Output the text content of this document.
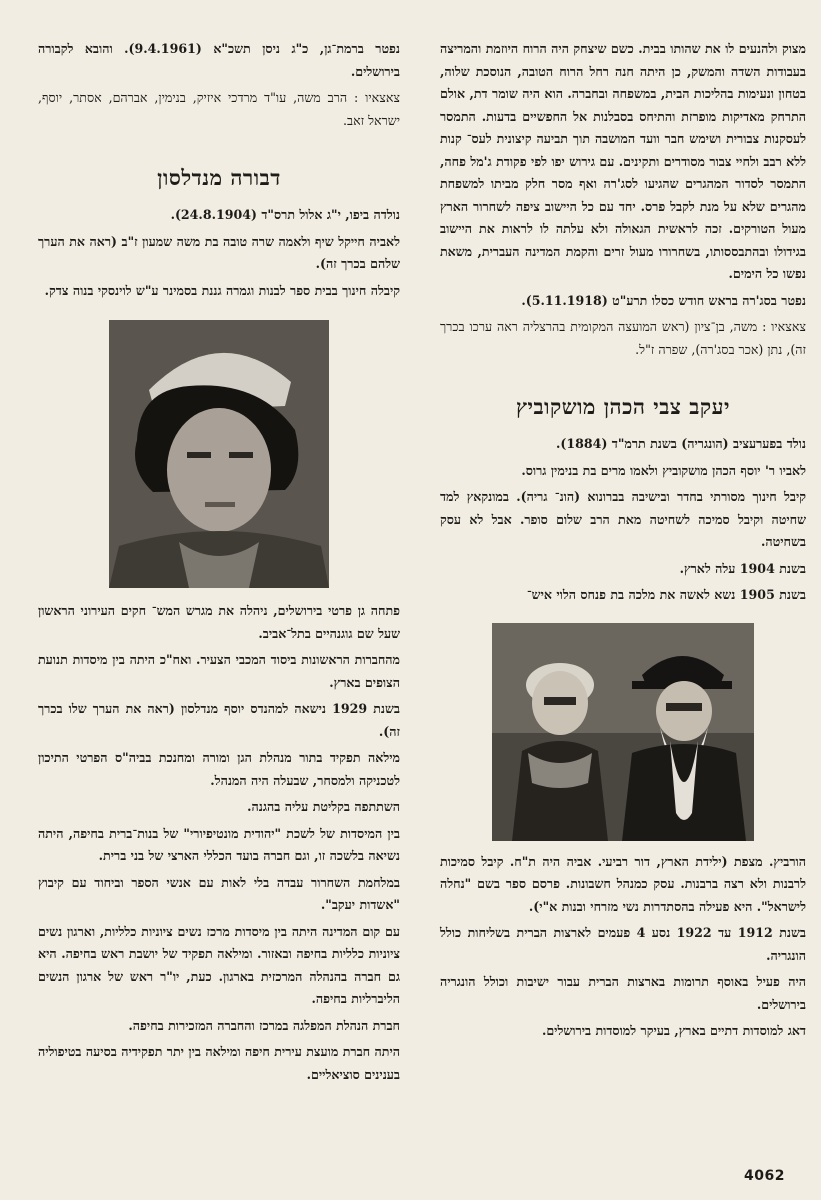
מצוק ולהנעים לו את שהותו בבית. כשם שיצחק היה הרוח היוזמת והמריצה בעבודות השדה והמשק, כן היתה חנה רחל הרוח הטובה, הנוסכת שלוה, בטחון ונעימות בהליכות הבית, במשפחה ובחברה. הוא היה שומר דת, אולם התרחק מאדיקות מופרזת והתיחס בסבלנות אל החפשיים בדעות. התמסר לעסקנות צבורית ושימש חבר וועד המושבה תוך תביעה קיצונית לעס־ קנות ללא רבב ולחיי צבור מסודרים ותקינים. עם גירוש יפו לפי פקודת ג'מל פחה, התמסר לסדור המהגרים שהגיעו לסג'רה ואף מסר חלק מביתו למשפחת מהגרים שלא על מנת לקבל פרס. יחד עם כל היישוב ציפה לשחרור הארץ מעול הטורקים. זכה לראשית הגאולה ולא עלתה לו לראות את היישוב בגידולו ובהתבססותו, בשחרורו מעול זרים והקמת המדינה העברית, משאת נפשו כל הימים.

נפטר בסג'רה בראש חודש כסלו תרע"ט (5.11.1918).

צאצאיו : משה, בן־ציון (ראש המועצה המקומית בהרצליה ראה ערכו בכרך זה), נתן (אכר בסג'רה), שפרה ז"ל.

יעקב צבי הכהן מושקוביץ

נולד בפערעציב (הונגריה) בשנת תרמ"ד (1884).

לאביו ר' יוסף הכהן מושקוביץ ולאמו מרים בת בנימין גרוס.

קיבל חינוך מסורתי בחדר ובישיבה בברונוא (הונ־ גריה). במונקאץ למד שחיטה וקיבל סמיכה לשחיטה מאת הרב שלום סופר. אבל לא עסק בשחיטה.

בשנת 1904 עלה לארץ.

בשנת 1905 נשא לאשה את מלכה בת פנחס הלוי איש־

הורביץ. מצפת (ילידת הארץ, דור רביעי. אביה היה ת"ח. קיבל סמיכות לרבנות ולא רצה ברבנות. עסק כמנהל חשבונות. פרסם ספר בשם "נחלה לישראל". היא פעילה בהסתדרות נשי מזרחי ובנות א"י).

בשנת 1912 עד 1922 נסע 4 פעמים לארצות הברית בשליחות כולל הונגריה.

היה פעיל באוסף תרומות בארצות הברית עבור ישיבות וכולל הונגריה בירושלים.

דאג למוסדות דתיים בארץ, בעיקר למוסדות בירושלים.

נפטר ברמת־גן, כ"ג ניסן תשכ"א (9.4.1961). והובא לקבורה בירושלים.

צאצאיו : הרב משה, עו"ד מרדכי איזיק, בנימין, אברהם, אסתר, יוסף, ישראל זאב.

דבורה מנדלסון

נולדה ביפו, י"ג אלול תרס"ד (24.8.1904).

לאביה חייקל שיף ולאמה שרה טובה בת משה שמעון ז"ב (ראה את הערך שלהם בכרך זה).

קיבלה חינוך בבית ספר לבנות וגמרה גננת בסמינר ע"ש לוינסקי בנוה צדק.

פתחה גן פרטי בירושלים, ניהלה את מגרש המש־ חקים העירוני הראשון שעל שם גוגנהיים בתל־אביב.

מהחברות הראשונות ביסוד המכבי הצעיר. ואח"כ היתה בין מיסדות תנועת הצופים בארץ.

בשנת 1929 נישאה למהנדס יוסף מנדלסון (ראה את הערך שלו בכרך זה).

מילאה תפקיד בתור מנהלת הגן ומורה ומחנכת בביה"ס הפרטי התיכון לטכניקה ולמסחר, שבעלה היה המנהל.

השתתפה בקליטת עליה בהגנה.

בין המיסדות של לשכת "יהודית מונטיפיורי" של בנות־ברית בחיפה, היתה נשיאה בלשכה זו, וגם חברה בועד הכללי הארצי של בני ברית.

במלחמת השחרור עבדה בלי לאות עם אנשי הספר וביחוד עם קיבוץ "אשדות יעקב".

עם קום המדינה היתה בין מיסדות מרכז נשים ציוניות כלליות, וארגון נשים ציוניות כלליות בחיפה ובאזור. ומילאה תפקיד של יושבת ראש בחיפה. היא גם חברה בהנהלה המרכזית בארגון. כעת, יו"ר ראש של ארגון הנשים הליברליות בחיפה.

חברת הנהלת המפלגה במרכז והחברה המזכירות בחיפה.

היתה חברת מועצת עירית חיפה ומילאה בין יתר תפקידיה בסיעה בטיפוליה בענינים סוציאליים.

4062
